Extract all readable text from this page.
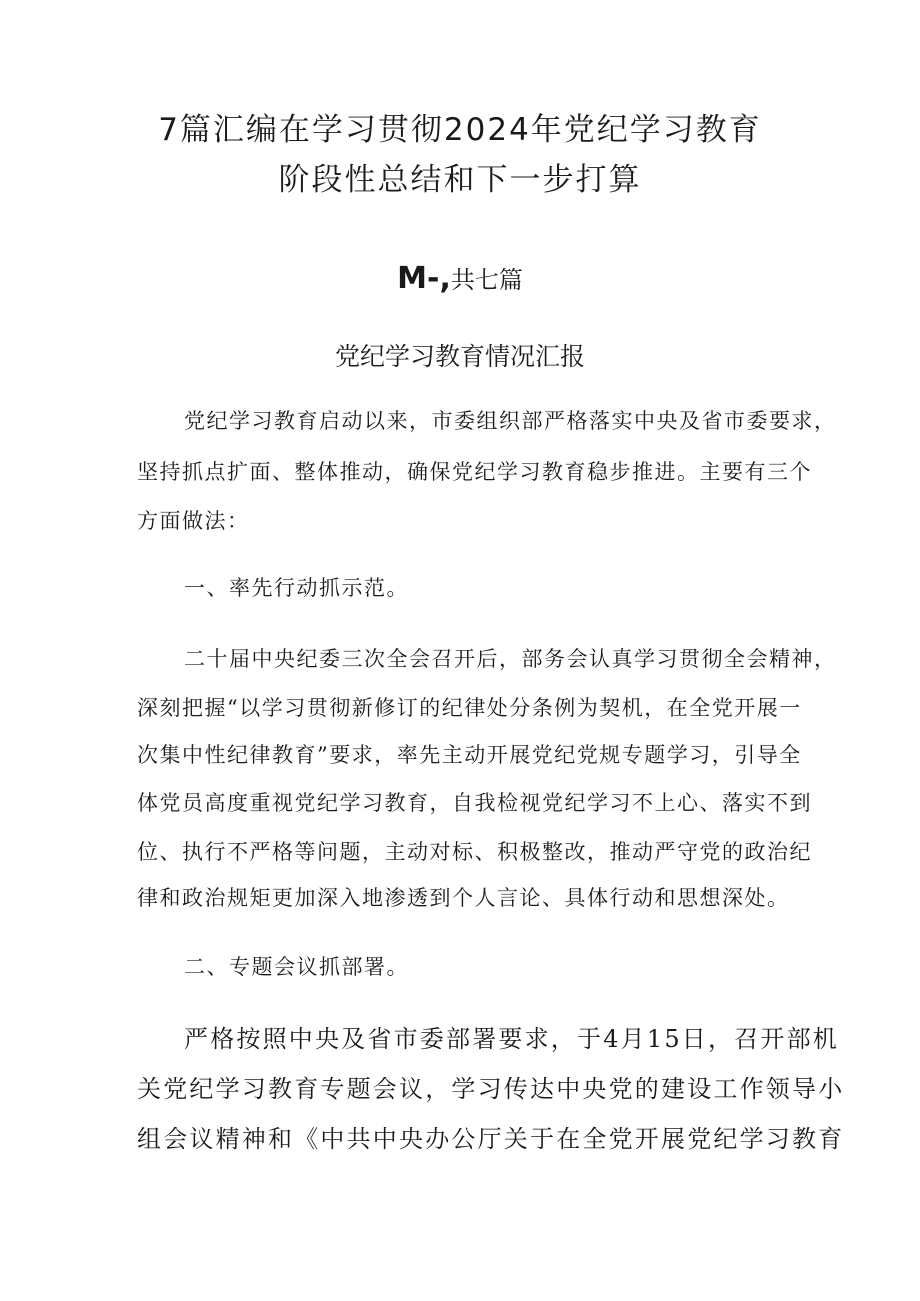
7篇汇编在学习贯彻2024年党纪学习教育
阶段性总结和下一步打算
M-,共七篇
党纪学习教育情况汇报
党纪学习教育启动以来，市委组织部严格落实中央及省市委要求，
坚持抓点扩面、整体推动，确保党纪学习教育稳步推进。主要有三个
方面做法：
一、率先行动抓示范。
二十届中央纪委三次全会召开后，部务会认真学习贯彻全会精神，
深刻把握“以学习贯彻新修订的纪律处分条例为契机，在全党开展一
次集中性纪律教育”要求，率先主动开展党纪党规专题学习，引导全
体党员高度重视党纪学习教育，自我检视党纪学习不上心、落实不到
位、执行不严格等问题，主动对标、积极整改，推动严守党的政治纪
律和政治规矩更加深入地渗透到个人言论、具体行动和思想深处。
二、专题会议抓部署。
严格按照中央及省市委部署要求，于4月15日，召开部机
关党纪学习教育专题会议，学习传达中央党的建设工作领导小
组会议精神和《中共中央办公厅关于在全党开展党纪学习教育
